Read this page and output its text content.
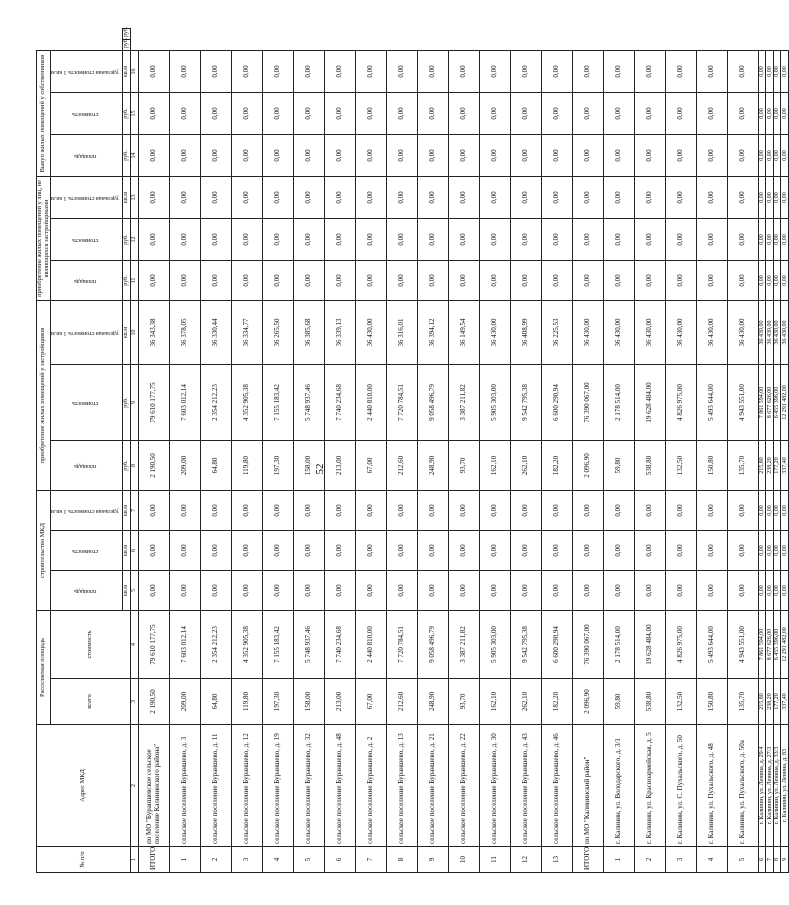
52
№ п/п	Адрес МКД	Расселяемая площадь		строительство МКД			приобретение жилых помещений у застройщиков			приобретение жилых помещений у лиц, не являющихся застройщиками			Выкуп жилых помещений у собственников				
		всего	стоимость	площадь	стоимость	удельная стоимость 1 кв.м	площадь	стоимость	удельная стоимость 1 кв.м	площадь	стоимость	удельная стоимость 1 кв.м	площадь	стоимость	удельная стоимость 1 кв.м		
				кв.м	кв.м	кв.м	руб.	руб.	кв.м	руб.	руб.	кв.м	руб.	руб.	кв.м	руб.	руб.
1	2	3	4	5	6	7	8	9	10	11	12	13	14	15	16		
ИТОГО	по МО "Бураншевское сельское поселение Калининского района"	2 190,50	79 610 177,75	0,00	0,00	0,00	2 190,50	79 610 177,75	36 343,38	0,00	0,00	0,00	0,00	0,00	0,00		
1	сельское поселение Бураншево, д. 3	209,00	7 603 012,14	0,00	0,00	0,00	209,00	7 603 012,14	36 378,05	0,00	0,00	0,00	0,00	0,00	0,00		
2	сельское поселение Бураншево, д. 11	64,80	2 354 212,23	0,00	0,00	0,00	64,80	2 354 212,23	36 330,44	0,00	0,00	0,00	0,00	0,00	0,00		
3	сельское поселение Бураншево, д. 12	119,80	4 352 905,38	0,00	0,00	0,00	119,80	4 352 905,38	36 334,77	0,00	0,00	0,00	0,00	0,00	0,00		
4	сельское поселение Бураншево, д. 19	197,30	7 155 183,42	0,00	0,00	0,00	197,30	7 155 183,42	36 265,50	0,00	0,00	0,00	0,00	0,00	0,00		
5	сельское поселение Бураншево, д. 32	158,00	5 748 937,46	0,00	0,00	0,00	158,00	5 748 937,46	36 385,68	0,00	0,00	0,00	0,00	0,00	0,00		
6	сельское поселение Бураншево, д. 48	213,00	7 740 234,68	0,00	0,00	0,00	213,00	7 740 234,68	36 339,13	0,00	0,00	0,00	0,00	0,00	0,00		
7	сельское поселение Бураншево, д. 2	67,00	2 440 810,00	0,00	0,00	0,00	67,00	2 440 810,00	36 430,00	0,00	0,00	0,00	0,00	0,00	0,00		
8	сельское поселение Бураншево, д. 13	212,60	7 720 784,51	0,00	0,00	0,00	212,60	7 720 784,51	36 316,01	0,00	0,00	0,00	0,00	0,00	0,00		
9	сельское поселение Бураншево, д. 21	248,90	9 058 496,79	0,00	0,00	0,00	248,90	9 058 496,79	36 394,12	0,00	0,00	0,00	0,00	0,00	0,00		
10	сельское поселение Бураншево, д. 22	93,70	3 387 211,82	0,00	0,00	0,00	93,70	3 387 211,82	36 149,54	0,00	0,00	0,00	0,00	0,00	0,00		
11	сельское поселение Бураншево, д. 30	162,10	5 905 303,00	0,00	0,00	0,00	162,10	5 905 303,00	36 430,00	0,00	0,00	0,00	0,00	0,00	0,00		
12	сельское поселение Бураншево, д. 43	262,10	9 542 795,38	0,00	0,00	0,00	262,10	9 542 795,38	36 408,99	0,00	0,00	0,00	0,00	0,00	0,00		
13	сельское поселение Бураншево, д. 46	182,20	6 600 290,94	0,00	0,00	0,00	182,20	6 600 290,94	36 225,53	0,00	0,00	0,00	0,00	0,00	0,00		
ИТОГО	по МО "Калининский район"	2 096,90	76 390 067,00	0,00	0,00	0,00	2 096,90	76 390 067,00	36 430,00	0,00	0,00	0,00	0,00	0,00	0,00		
1	г. Калинин, ул. Володарского, д. 3/1	59,80	2 178 514,00	0,00	0,00	0,00	59,80	2 178 514,00	36 430,00	0,00	0,00	0,00	0,00	0,00	0,00		
2	г. Калинин, ул. Красноармейская, д. 5	538,80	19 628 484,00	0,00	0,00	0,00	538,80	19 628 484,00	36 430,00	0,00	0,00	0,00	0,00	0,00	0,00		
3	г. Калинин, ул. С. Пухальского, д. 50	132,50	4 826 975,00	0,00	0,00	0,00	132,50	4 826 975,00	36 430,00	0,00	0,00	0,00	0,00	0,00	0,00		
4	г. Калинин, ул. Пухальского, д. 48	150,80	5 493 644,00	0,00	0,00	0,00	150,80	5 493 644,00	36 430,00	0,00	0,00	0,00	0,00	0,00	0,00		
5	г. Калинин, ул. Пухальского, д. 50а	135,70	4 943 551,00	0,00	0,00	0,00	135,70	4 943 551,00	36 430,00	0,00	0,00	0,00	0,00	0,00	0,00		
6	г. Калинин, ул. Ленина, д. 29/4	215,80	7 861 594,00	0,00	0,00	0,00	215,80	7 861 594,00	36 430,00	0,00	0,00	0,00	0,00	0,00	0,00		
7	г. Калинин, ул. Ленина, д. 27/3	238,20	8 677 626,00	0,00	0,00	0,00	238,20	8 677 626,00	36 430,00	0,00	0,00	0,00	0,00	0,00	0,00		
8	г. Калинин, ул. Ленина, д. 33/3	177,20	6 455 396,00	0,00	0,00	0,00	177,20	6 455 396,00	36 430,00	0,00	0,00	0,00	0,00	0,00	0,00		
9	г. Калинин, ул. Ленина, д. 83	337,40	12 291 482,00	0,00	0,00	0,00	337,40	12 291 482,00	36 430,00	0,00	0,00	0,00	0,00	0,00	0,00		
